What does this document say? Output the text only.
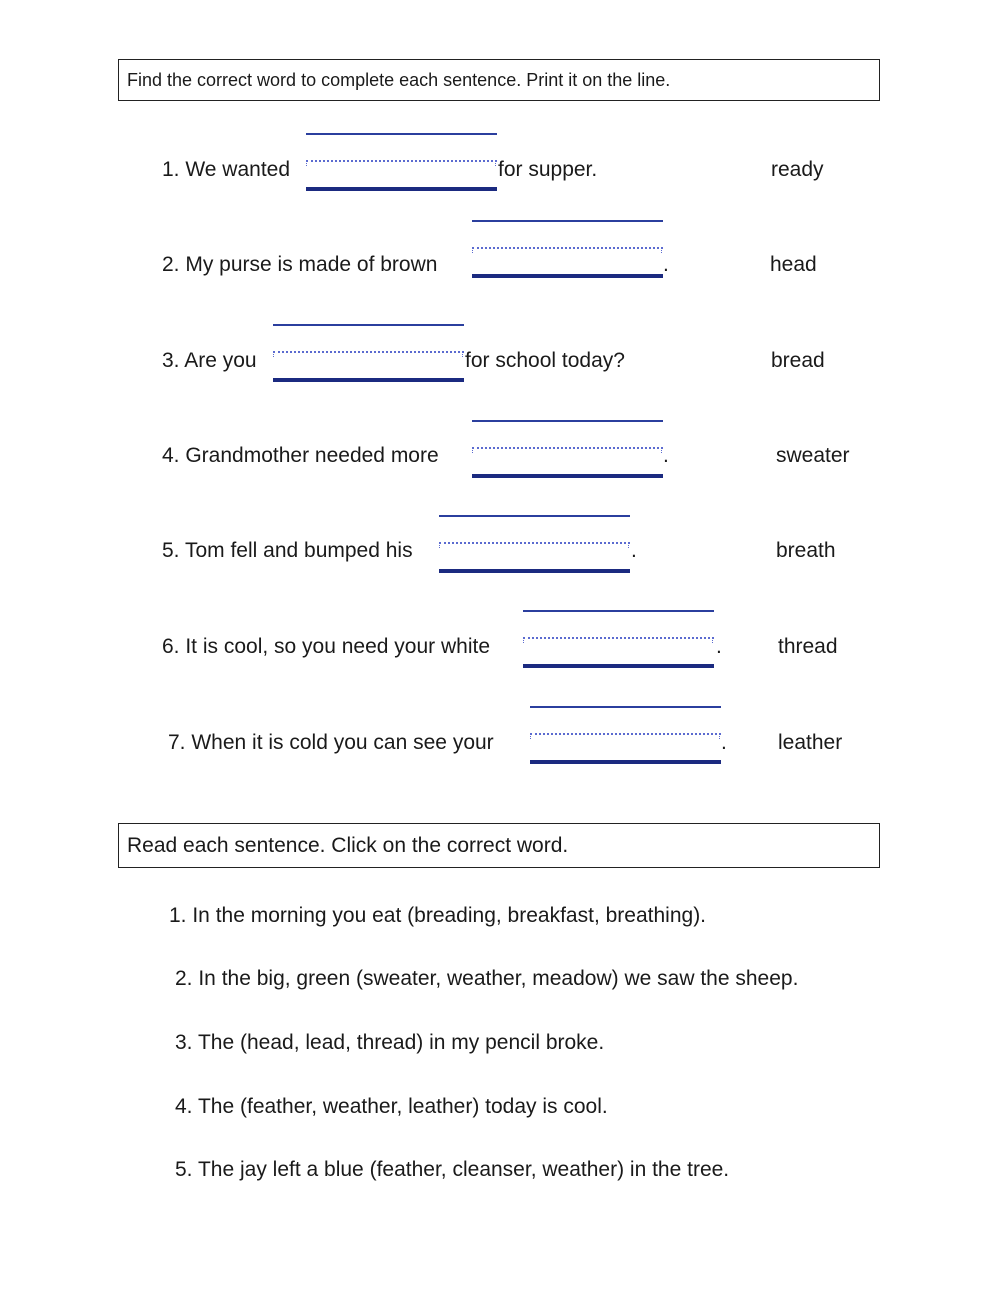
Find the correct word to complete each sentence. Print it on the line.
1. We wanted	for supper.	ready
2. My purse is made of brown	.	head
3. Are you	for school today?	bread
4. Grandmother needed more	.	sweater
5. Tom fell and bumped his	.	breath
6. It is cool, so you need your white	.	thread
7. When it is cold you can see your	. leather
Read each sentence. Click on the correct word.
1. In the morning you eat (breading, breakfast, breathing).
2. In the big, green (sweater, weather, meadow) we saw the sheep.
3. The (head, lead, thread) in my pencil broke.
4. The (feather, weather, leather) today is cool.
5. The jay left a blue (feather, cleanser, weather) in the tree.
